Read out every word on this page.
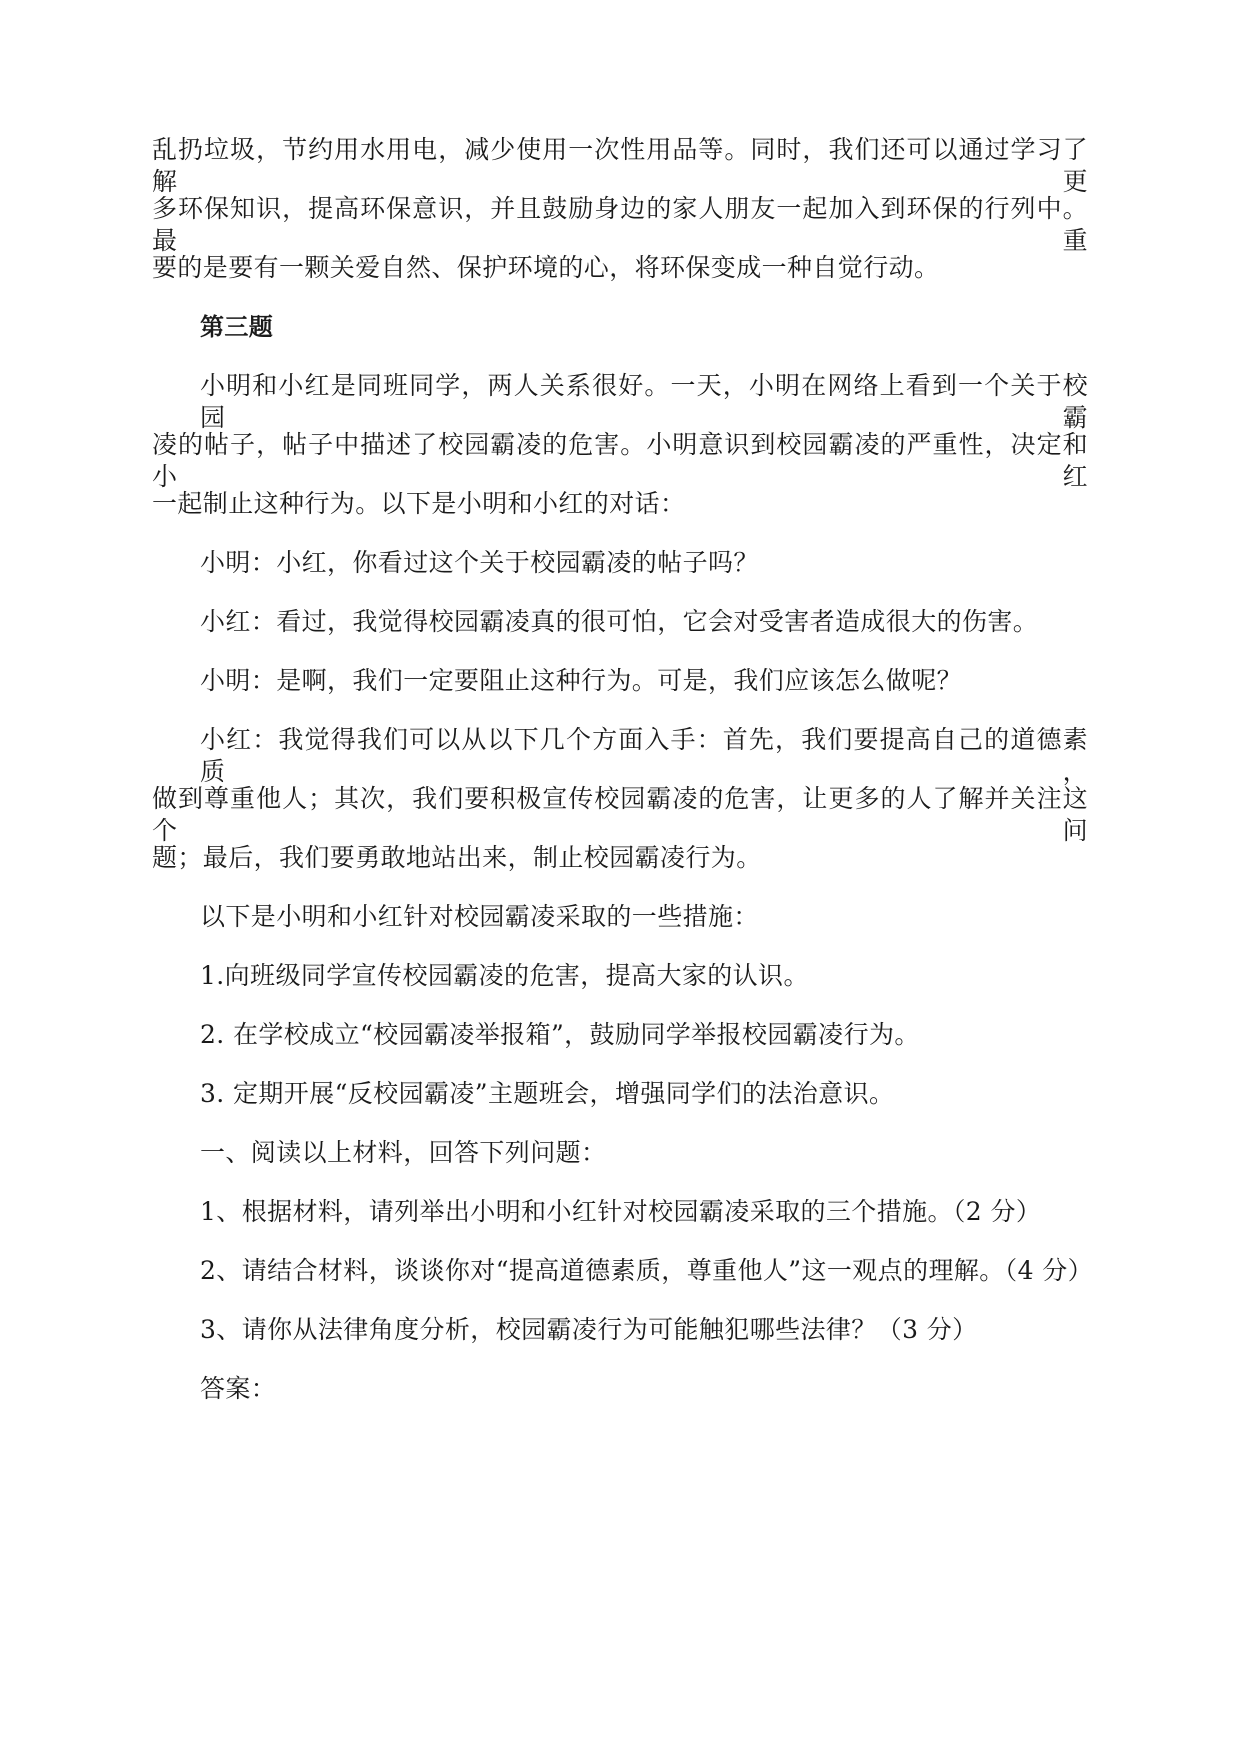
乱扔垃圾，节约用水用电，减少使用一次性用品等。同时，我们还可以通过学习了解更
多环保知识，提高环保意识，并且鼓励身边的家人朋友一起加入到环保的行列中。最重
要的是要有一颗关爱自然、保护环境的心，将环保变成一种自觉行动。
第三题
小明和小红是同班同学，两人关系很好。一天，小明在网络上看到一个关于校园霸
凌的帖子，帖子中描述了校园霸凌的危害。小明意识到校园霸凌的严重性，决定和小红
一起制止这种行为。以下是小明和小红的对话：
小明：小红，你看过这个关于校园霸凌的帖子吗？
小红：看过，我觉得校园霸凌真的很可怕，它会对受害者造成很大的伤害。
小明：是啊，我们一定要阻止这种行为。可是，我们应该怎么做呢？
小红：我觉得我们可以从以下几个方面入手：首先，我们要提高自己的道德素质，
做到尊重他人；其次，我们要积极宣传校园霸凌的危害，让更多的人了解并关注这个问
题；最后，我们要勇敢地站出来，制止校园霸凌行为。
以下是小明和小红针对校园霸凌采取的一些措施：
1.向班级同学宣传校园霸凌的危害，提高大家的认识。
2. 在学校成立“校园霸凌举报箱”，鼓励同学举报校园霸凌行为。
3. 定期开展“反校园霸凌”主题班会，增强同学们的法治意识。
一、阅读以上材料，回答下列问题：
1、根据材料，请列举出小明和小红针对校园霸凌采取的三个措施。（2 分）
2、请结合材料，谈谈你对“提高道德素质，尊重他人”这一观点的理解。（4 分）
3、请你从法律角度分析，校园霸凌行为可能触犯哪些法律？（3 分）
答案：
